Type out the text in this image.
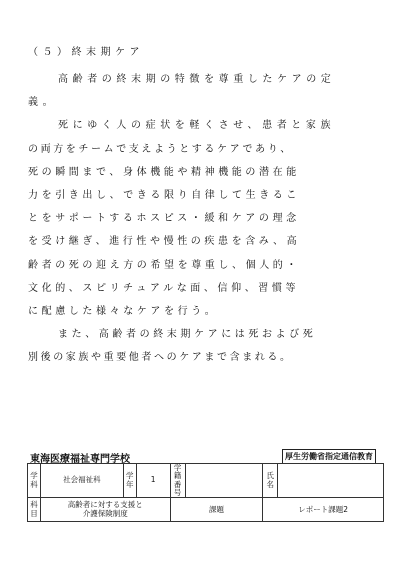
（５）終末期ケア
高齢者の終末期の特徴を尊重したケアの定
義。
死にゆく人の症状を軽くさせ、患者と家族
の両方をチームで支えようとするケアであり、
死の瞬間まで、身体機能や精神機能の潜在能
力を引き出し、できる限り自律して生きるこ
とをサポートするホスピス・緩和ケアの理念
を受け継ぎ、進行性や慢性の疾患を含み、高
齢者の死の迎え方の希望を尊重し、個人的・
文化的、スピリチュアルな面、信仰、習慣等
に配慮した様々なケアを行う。
また、高齢者の終末期ケアには死および死
別後の家族や重要他者へのケアまで含まれる。
東海医療福祉専門学校	厚生労働省指定通信教育
学科	社会福祉科	学年	1	学籍番号		氏名	
科目	高齢者に対する支援と
介護保険制度			課題		レポート課題2	
